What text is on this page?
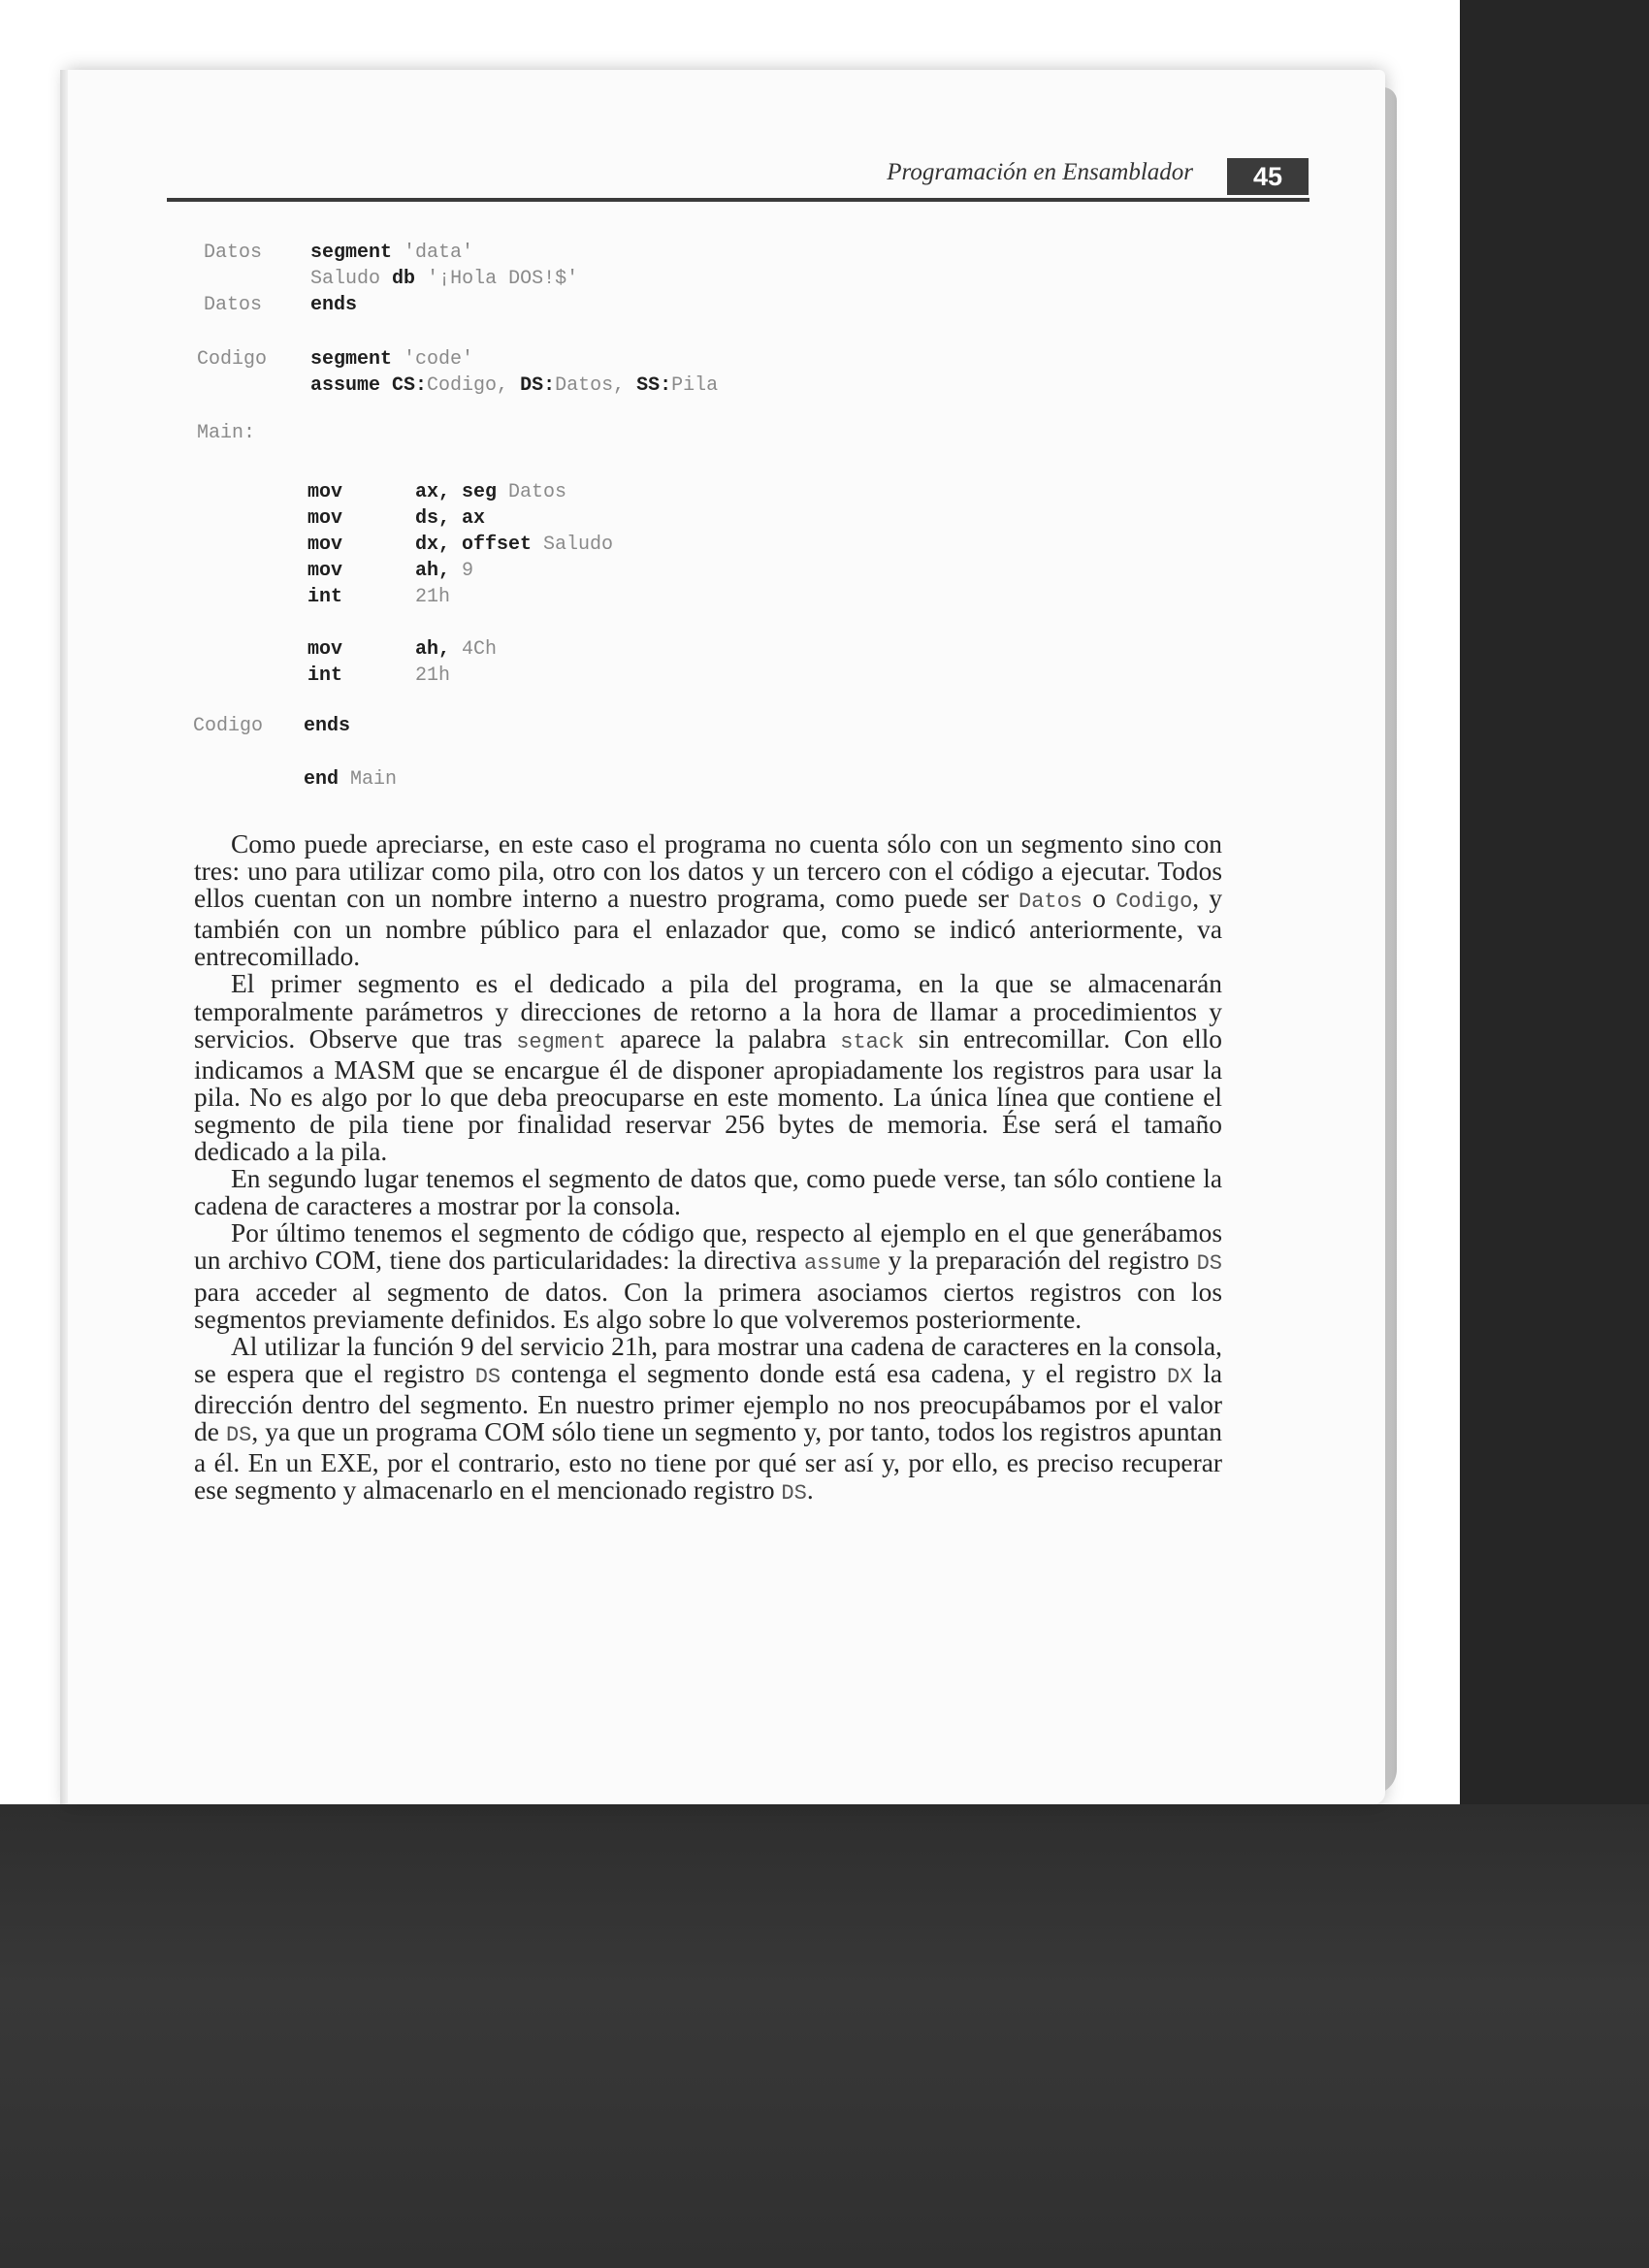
Programación en Ensamblador	45
Datos segment 'data'
Saludo db '¡Hola DOS!$'
Datos ends
Codigo segment 'code'
assume CS:Codigo, DS:Datos, SS:Pila
Main:
mov	ax, seg Datos
mov	ds, ax
mov	dx, offset Saludo
mov	ah, 9
int	21h
mov	ah, 4Ch
int	21h
Codigo ends
end Main

Como puede apreciarse, en este caso el programa no cuenta sólo con un segmento sino con tres: uno para utilizar como pila, otro con los datos y un tercero con el código a ejecutar. Todos ellos cuentan con un nombre interno a nuestro programa, como puede ser Datos o Codigo, y también con un nombre público para el enlazador que, como se indicó anteriormente, va entrecomillado.

El primer segmento es el dedicado a pila del programa, en la que se almacenarán temporalmente parámetros y direcciones de retorno a la hora de llamar a procedimientos y servicios. Observe que tras segment aparece la palabra stack sin entrecomillar. Con ello indicamos a MASM que se encargue él de disponer apropiadamente los registros para usar la pila. No es algo por lo que deba preocuparse en este momento. La única línea que contiene el segmento de pila tiene por finalidad reservar 256 bytes de memoria. Ése será el tamaño dedicado a la pila.

En segundo lugar tenemos el segmento de datos que, como puede verse, tan sólo contiene la cadena de caracteres a mostrar por la consola.

Por último tenemos el segmento de código que, respecto al ejemplo en el que generábamos un archivo COM, tiene dos particularidades: la directiva assume y la preparación del registro DS para acceder al segmento de datos. Con la primera asociamos ciertos registros con los segmentos previamente definidos. Es algo sobre lo que volveremos posteriormente.

Al utilizar la función 9 del servicio 21h, para mostrar una cadena de caracteres en la consola, se espera que el registro DS contenga el segmento donde está esa cadena, y el registro DX la dirección dentro del segmento. En nuestro primer ejemplo no nos preocupábamos por el valor de DS, ya que un programa COM sólo tiene un segmento y, por tanto, todos los registros apuntan a él. En un EXE, por el contrario, esto no tiene por qué ser así y, por ello, es preciso recuperar ese segmento y almacenarlo en el mencionado registro DS.
